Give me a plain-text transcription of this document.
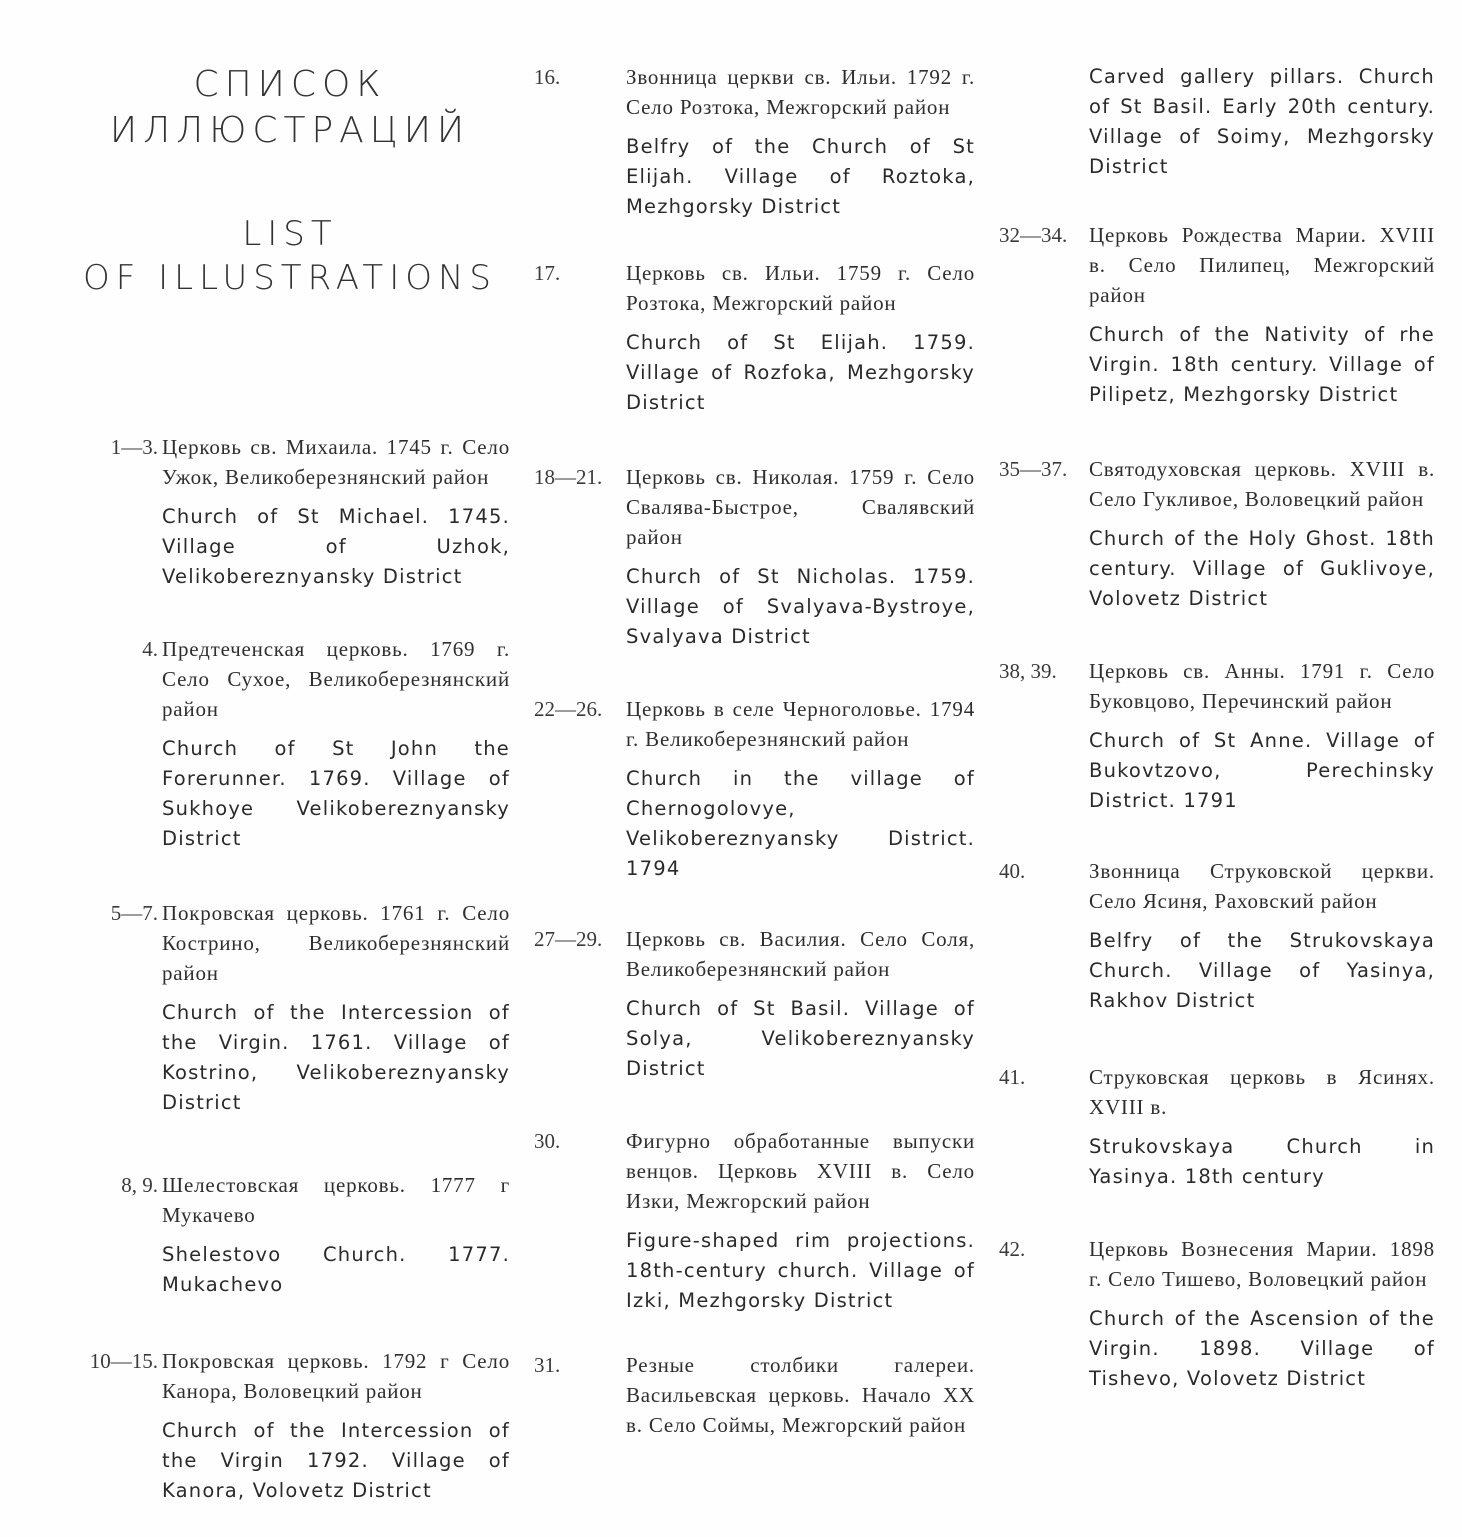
СПИСОК
ИЛЛЮСТРАЦИЙ
LIST
OF ILLUSTRATIONS
1—3. Церковь св. Михаила. 1745 г. Село Ужок, Великоберезнянский район
Church of St Michael. 1745. Village of Uzhok, Velikobereznyansky District
4. Предтеченская церковь. 1769 г. Село Сухое, Великоберезнянский район
Church of St John the Forerunner. 1769. Village of Sukhoye Velikobereznyansky District
5—7. Покровская церковь. 1761 г. Село Кострино, Великоберезнянский район
Church of the Intercession of the Virgin. 1761. Village of Kostrino, Velikobereznyansky District
8, 9. Шелестовская церковь. 1777 г Мукачево
Shelestovo Church. 1777. Mukachevo
10—15. Покровская церковь. 1792 г Село Канора, Воловецкий район
Church of the Intercession of the Virgin 1792. Village of Kanora, Volovetz District
16.	Звонница церкви св. Ильи. 1792 г. Село Розтока, Межгорский район
Belfry of the Church of St Elijah. Village of Roztoka, Mezhgorsky District
17.	Церковь св. Ильи. 1759 г. Село Розтока, Межгорский район
Church of St Elijah. 1759. Village of Rozfoka, Mezhgorsky District
18—21.	Церковь св. Николая. 1759 г. Село Свалява-Быстрое, Свалявский район
Church of St Nicholas. 1759. Village of Svalyava-Bystroye, Svalyava District
22—26.	Церковь в селе Черноголовье. 1794 г. Великоберезнянский район
Church in the village of Chernogolovye, Velikobereznyansky District. 1794
27—29.	Церковь св. Василия. Село Соля, Великоберезнянский район
Church of St Basil. Village of Solya, Velikobereznyansky District
30.	Фигурно обработанные выпуски венцов. Церковь XVIII в. Село Изки, Межгорский район
Figure-shaped rim projections. 18th-century church. Village of Izki, Mezhgorsky District
31.	Резные столбики галереи. Васильевская церковь. Начало XX в. Село Соймы, Межгорский район
Carved gallery pillars. Church of St Basil. Early 20th century. Village of Soimy, Mezhgorsky District
32—34.	Церковь Рождества Марии. XVIII в. Село Пилипец, Межгорский район
Church of the Nativity of rhe Virgin. 18th century. Village of Pilipetz, Mezhgorsky District
35—37.	Святодуховская церковь. XVIII в. Село Гукливое, Воловецкий район
Church of the Holy Ghost. 18th century. Village of Guklivoye, Volovetz District
38, 39.	Церковь св. Анны. 1791 г. Село Буковцово, Перечинский район
Church of St Anne. Village of Bukovtzovo, Perechinsky District. 1791
40.	Звонница Струковской церкви. Село Ясиня, Раховский район
Belfry of the Strukovskaya Church. Village of Yasinya, Rakhov District
41.	Струковская церковь в Ясинях. XVIII в.
Strukovskaya Church in Yasinya. 18th century
42.	Церковь Вознесения Марии. 1898 г. Село Тишево, Воловецкий район
Church of the Ascension of the Virgin. 1898. Village of Tishevo, Volovetz District
